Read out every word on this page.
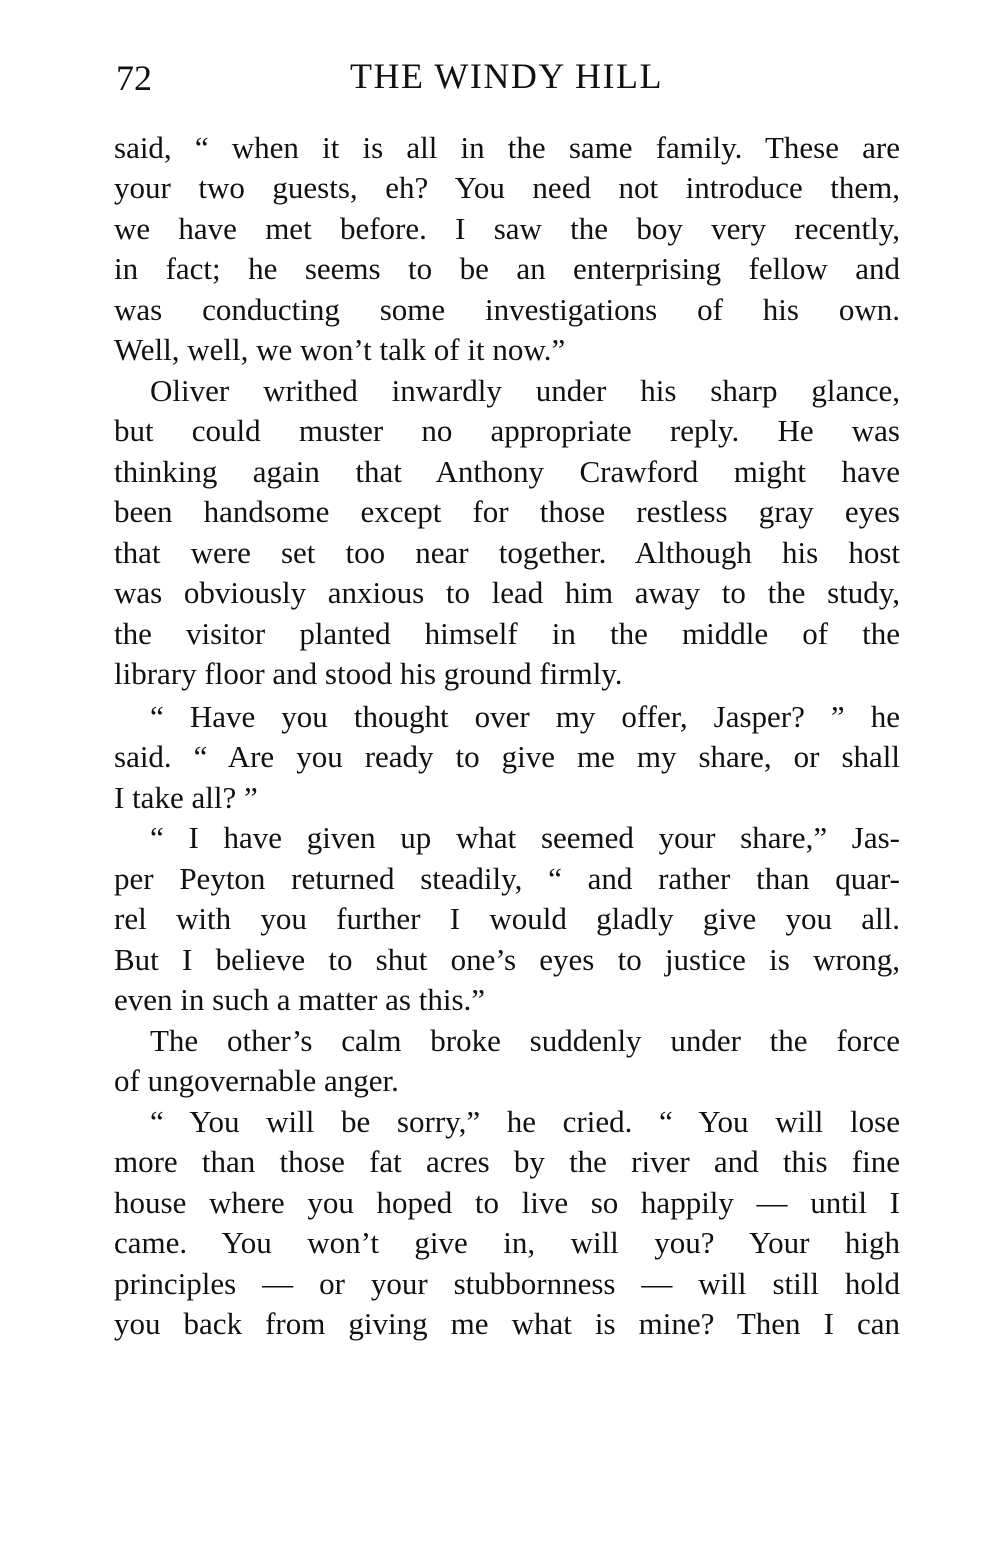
72	THE WINDY HILL
said, “ when it is all in the same family. These are
your two guests, eh? You need not introduce them,
we have met before. I saw the boy very recently,
in fact; he seems to be an enterprising fellow and
was conducting some investigations of his own.
Well, well, we won’t talk of it now.”
Oliver writhed inwardly under his sharp glance,
but could muster no appropriate reply. He was
thinking again that Anthony Crawford might have
been handsome except for those restless gray eyes
that were set too near together. Although his host
was obviously anxious to lead him away to the study,
the visitor planted himself in the middle of the
library floor and stood his ground firmly.
“ Have you thought over my offer, Jasper? ” he
said. “ Are you ready to give me my share, or shall
I take all? ”
“ I have given up what seemed your share,” Jas-
per Peyton returned steadily, “ and rather than quar-
rel with you further I would gladly give you all.
But I believe to shut one’s eyes to justice is wrong,
even in such a matter as this.”
The other’s calm broke suddenly under the force
of ungovernable anger.
“ You will be sorry,” he cried. “ You will lose
more than those fat acres by the river and this fine
house where you hoped to live so happily — until I
came. You won’t give in, will you? Your high
principles — or your stubbornness — will still hold
you back from giving me what is mine? Then I can
